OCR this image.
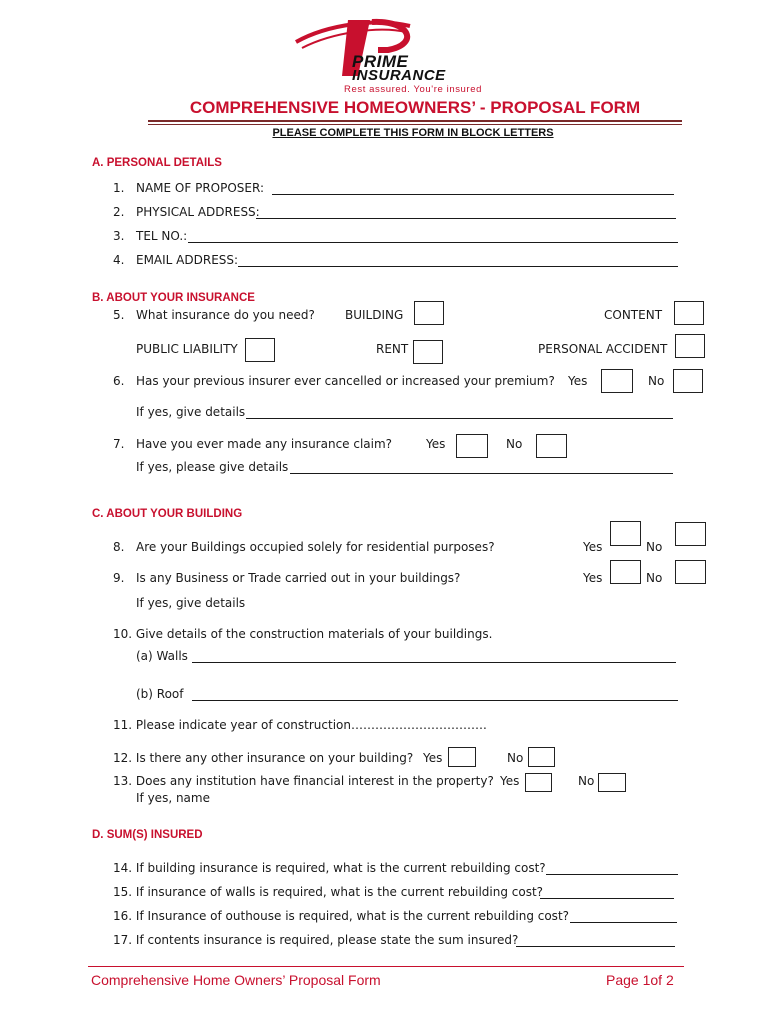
PRIME
INSURANCE
Rest assured. You're insured
COMPREHENSIVE HOMEOWNERS’ - PROPOSAL FORM
PLEASE COMPLETE THIS FORM IN BLOCK LETTERS
A. PERSONAL DETAILS
1. NAME OF PROPOSER:
2. PHYSICAL ADDRESS:
3. TEL NO.:
4. EMAIL ADDRESS:
B. ABOUT YOUR INSURANCE
5. What insurance do you need?	BUILDING	CONTENT
PUBLIC LIABILITY	RENT	PERSONAL ACCIDENT
6. Has your previous insurer ever cancelled or increased your premium? Yes	No
If yes, give details
7. Have you ever made any insurance claim?	Yes	No
If yes, please give details
C. ABOUT YOUR BUILDING
8. Are your Buildings occupied solely for residential purposes?	Yes	No
9. Is any Business or Trade carried out in your buildings?	Yes	No
If yes, give details
10. Give details of the construction materials of your buildings.
(a) Walls
(b) Roof
11. Please indicate year of construction…………………………….
12. Is there any other insurance on your building? Yes	No
13. Does any institution have financial interest in the property? Yes	No
If yes, name
D. SUM(S) INSURED
14. If building insurance is required, what is the current rebuilding cost?
15. If insurance of walls is required, what is the current rebuilding cost?
16. If Insurance of outhouse is required, what is the current rebuilding cost?
17. If contents insurance is required, please state the sum insured?
Comprehensive Home Owners’ Proposal Form	Page 1of 2
